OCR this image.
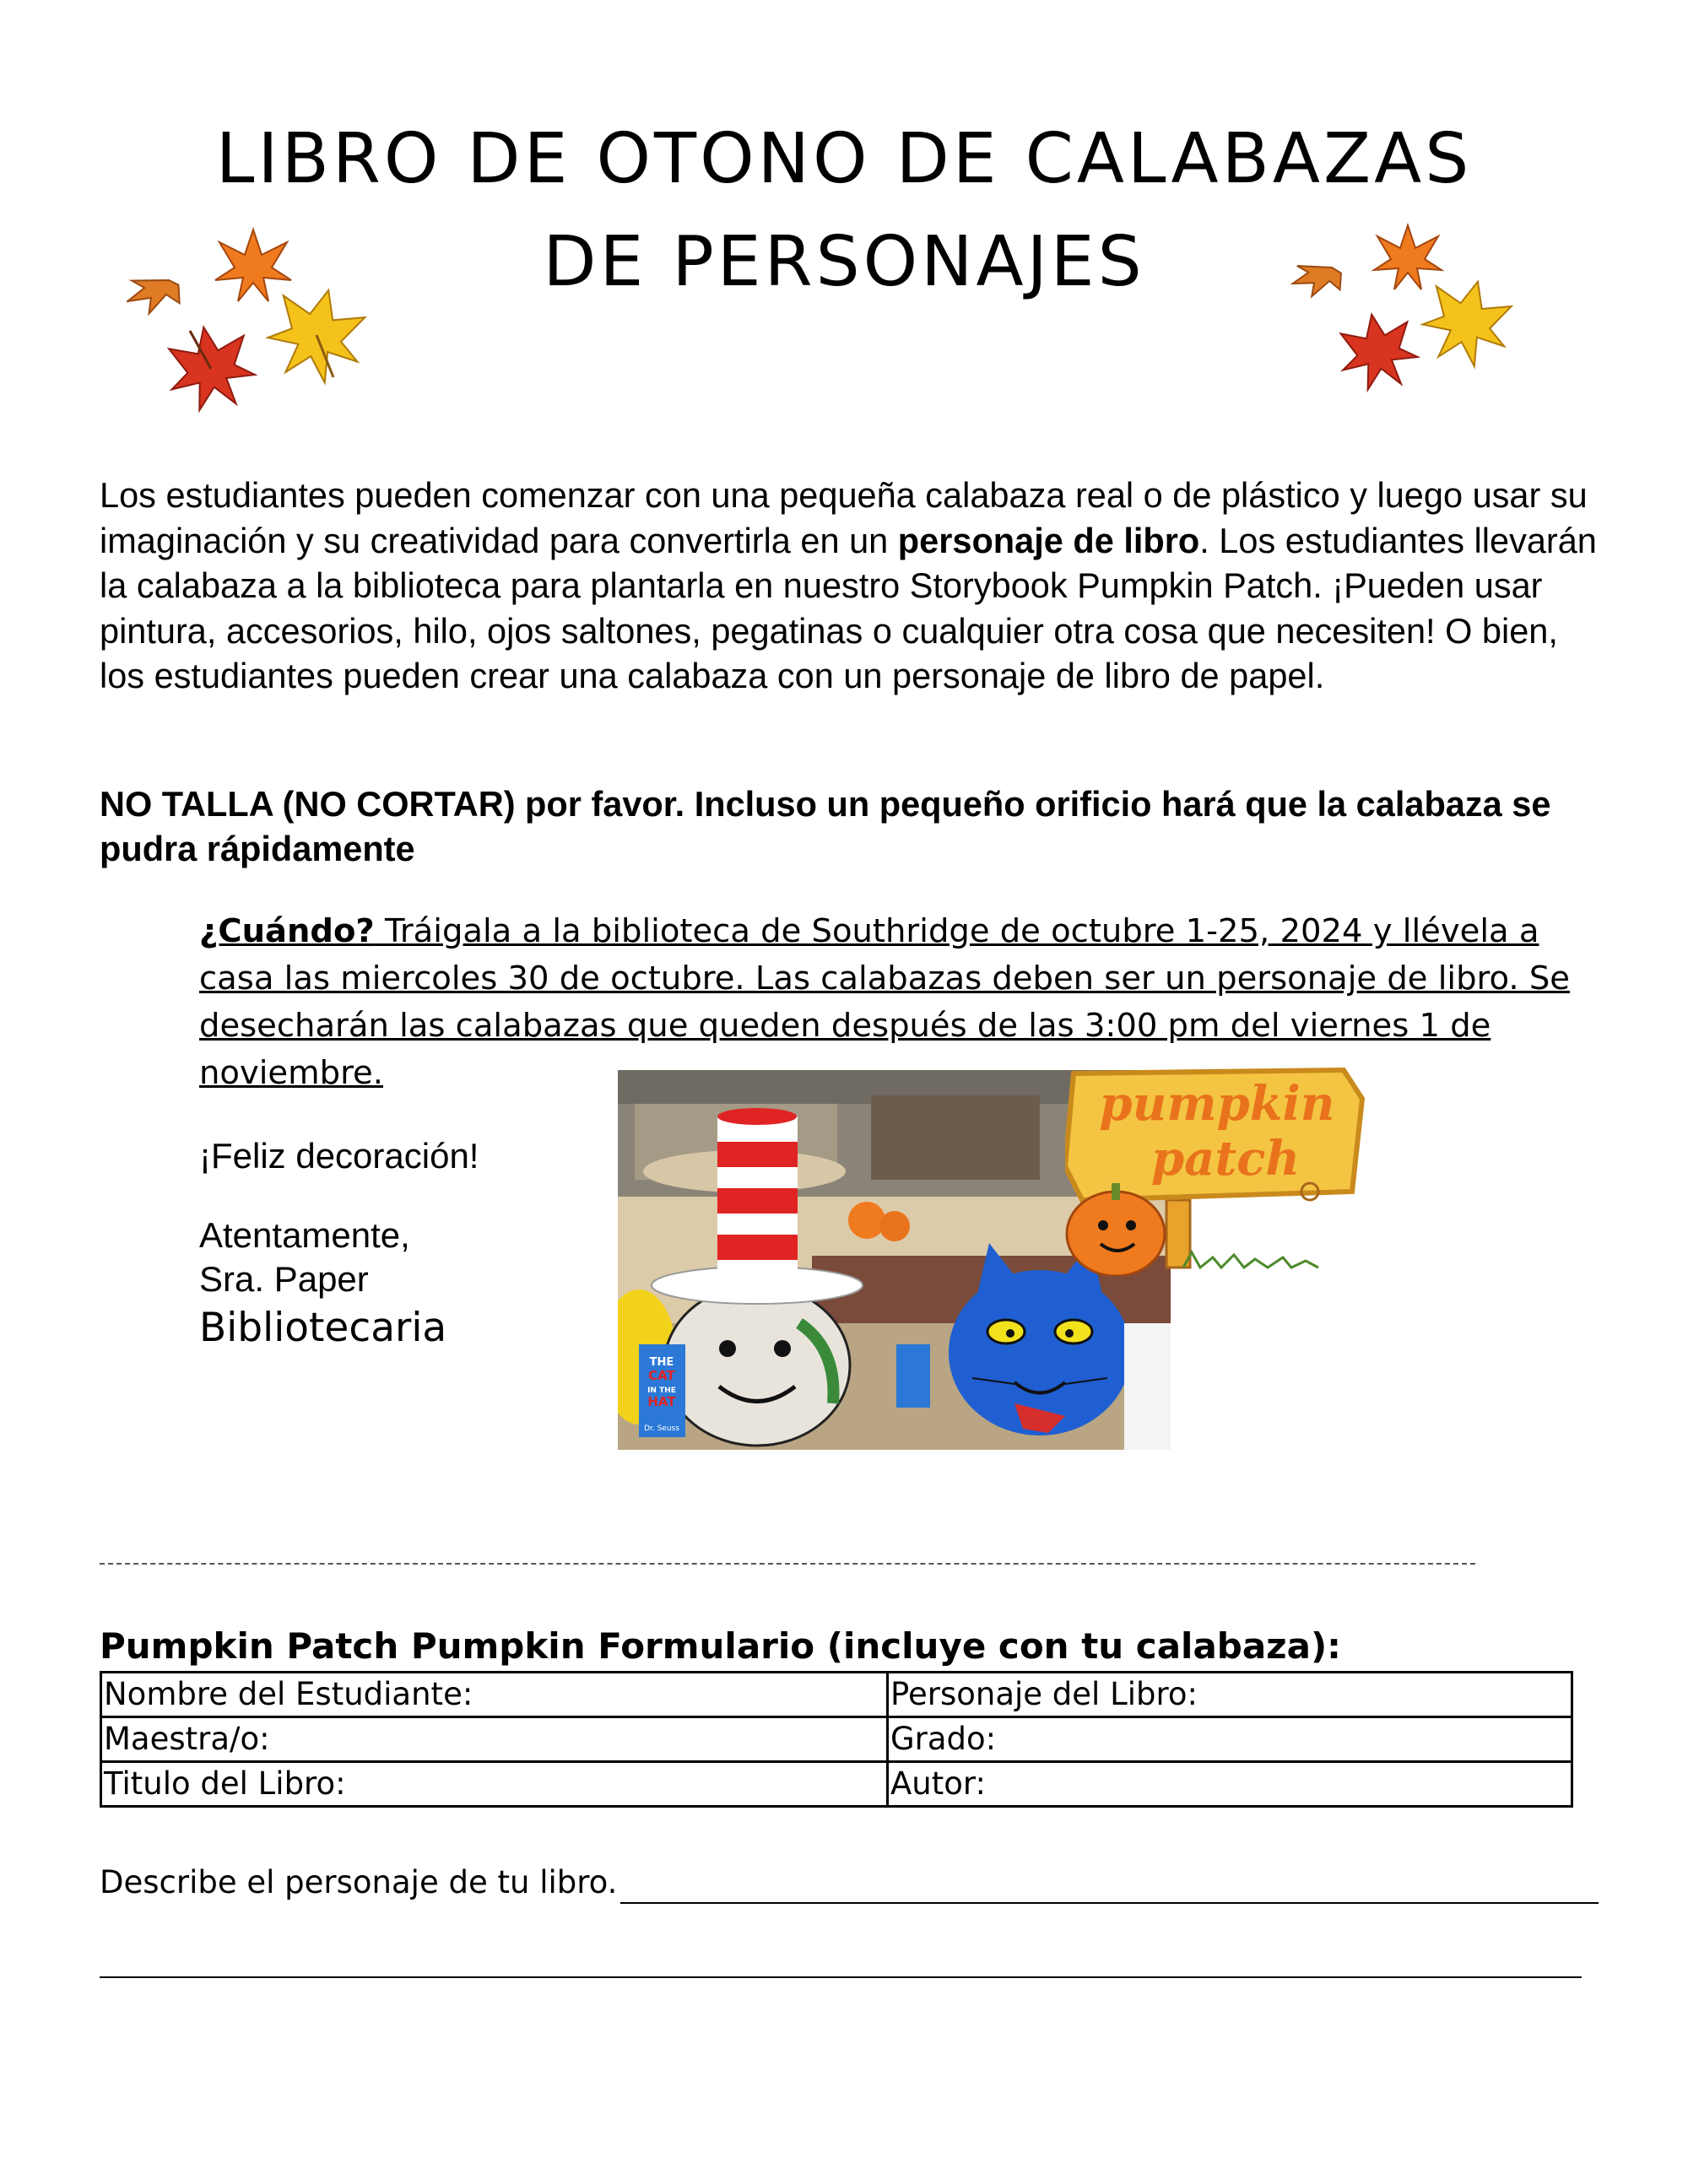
LIBRO DE OTONO DE CALABAZAS
DE PERSONAJES

Los estudiantes pueden comenzar con una pequeña calabaza real o de plástico y luego usar su imaginación y su creatividad para convertirla en un personaje de libro. Los estudiantes llevarán la calabaza a la biblioteca para plantarla en nuestro Storybook Pumpkin Patch. ¡Pueden usar pintura, accesorios, hilo, ojos saltones, pegatinas o cualquier otra cosa que necesiten! O bien, los estudiantes pueden crear una calabaza con un personaje de libro de papel.

NO TALLA (NO CORTAR) por favor. Incluso un pequeño orificio hará que la calabaza se pudra rápidamente

¿Cuándo? Tráigala a la biblioteca de Southridge de octubre 1-25, 2024 y llévela a casa las miercoles 30 de octubre. Las calabazas deben ser un personaje de libro. Se desecharán las calabazas que queden después de las 3:00 pm del viernes 1 de noviembre.

¡Feliz decoración!

Atentamente,
Sra. Paper
Bibliotecaria

THE
CAT
IN THE
HAT
Dr. Seuss
pumpkin
patch
Pumpkin Patch Pumpkin Formulario (incluye con tu calabaza):
Nombre del Estudiante:	Personaje del Libro:
Maestra/o:	Grado:
Titulo del Libro:	Autor:
Describe el personaje de tu libro.
